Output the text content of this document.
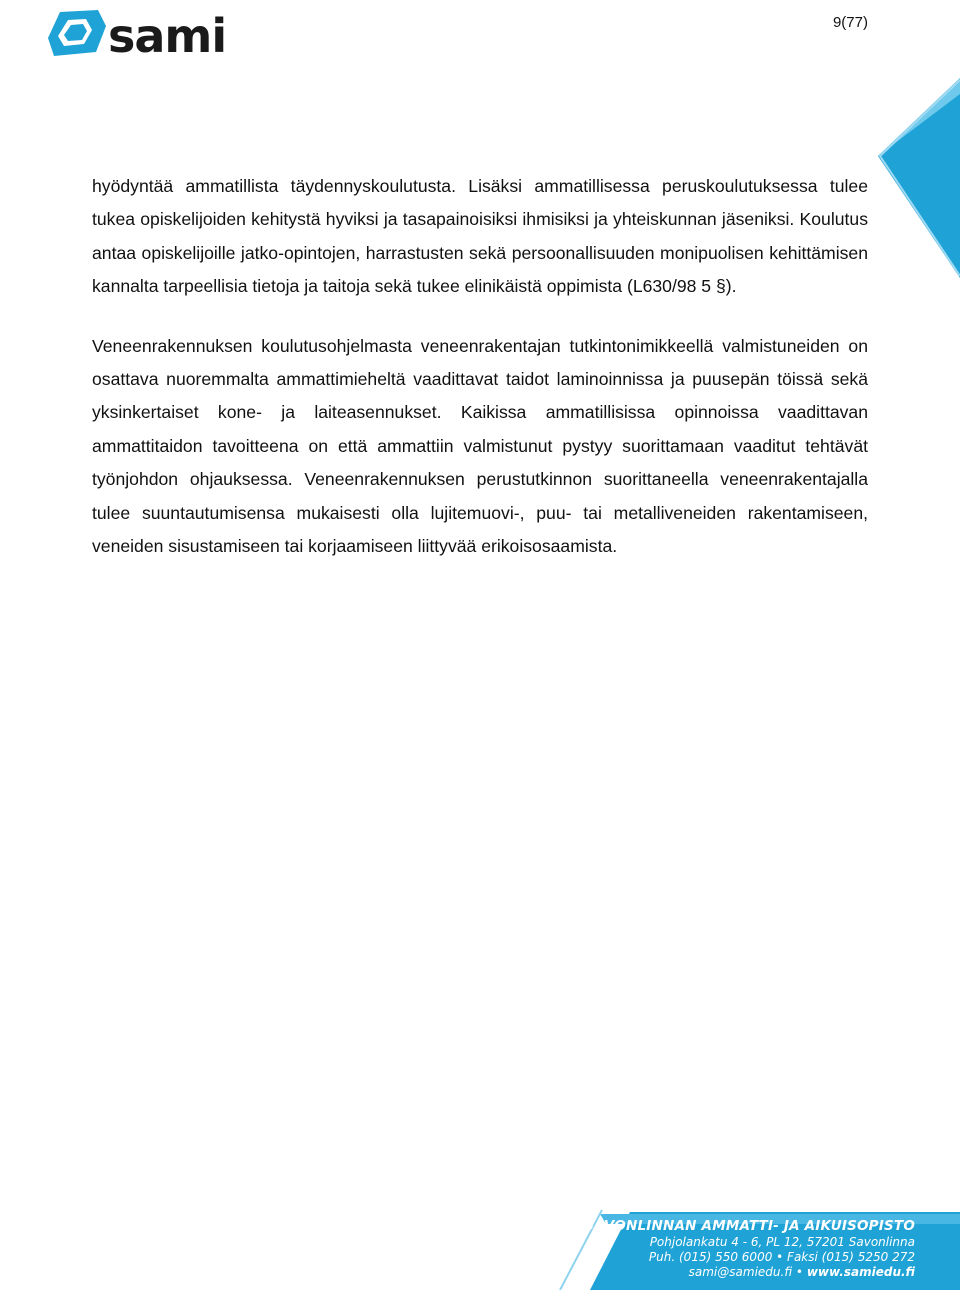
sami	9(77)

hyödyntää ammatillista täydennyskoulutusta. Lisäksi ammatillisessa peruskoulutuksessa tulee tukea opiskelijoiden kehitystä hyviksi ja tasapainoisiksi ihmisiksi ja yhteiskunnan jäseniksi. Koulutus antaa opiskelijoille jatko-opintojen, harrastusten sekä persoonallisuuden monipuolisen kehittämisen kannalta tarpeellisia tietoja ja taitoja sekä tukee elinikäistä oppimista (L630/98 5 §).

Veneenrakennuksen koulutusohjelmasta veneenrakentajan tutkintonimikkeellä valmistuneiden on osattava nuoremmalta ammattimieheltä vaadittavat taidot laminoinnissa ja puusepän töissä sekä yksinkertaiset kone- ja laiteasennukset. Kaikissa ammatillisissa opinnoissa vaadittavan ammattitaidon tavoitteena on että ammattiin valmistunut pystyy suorittamaan vaaditut tehtävät työnjohdon ohjauksessa. Veneenrakennuksen perustutkinnon suorittaneella veneenrakentajalla tulee suuntautumisensa mukaisesti olla lujitemuovi-, puu- tai metalliveneiden rakentamiseen, veneiden sisustamiseen tai korjaamiseen liittyvää erikoisosaamista.

SAVONLINNAN AMMATTI- JA AIKUISOPISTO
Pohjolankatu 4 - 6, PL 12, 57201 Savonlinna
Puh. (015) 550 6000 • Faksi (015) 5250 272
sami@samiedu.fi • www.samiedu.fi
